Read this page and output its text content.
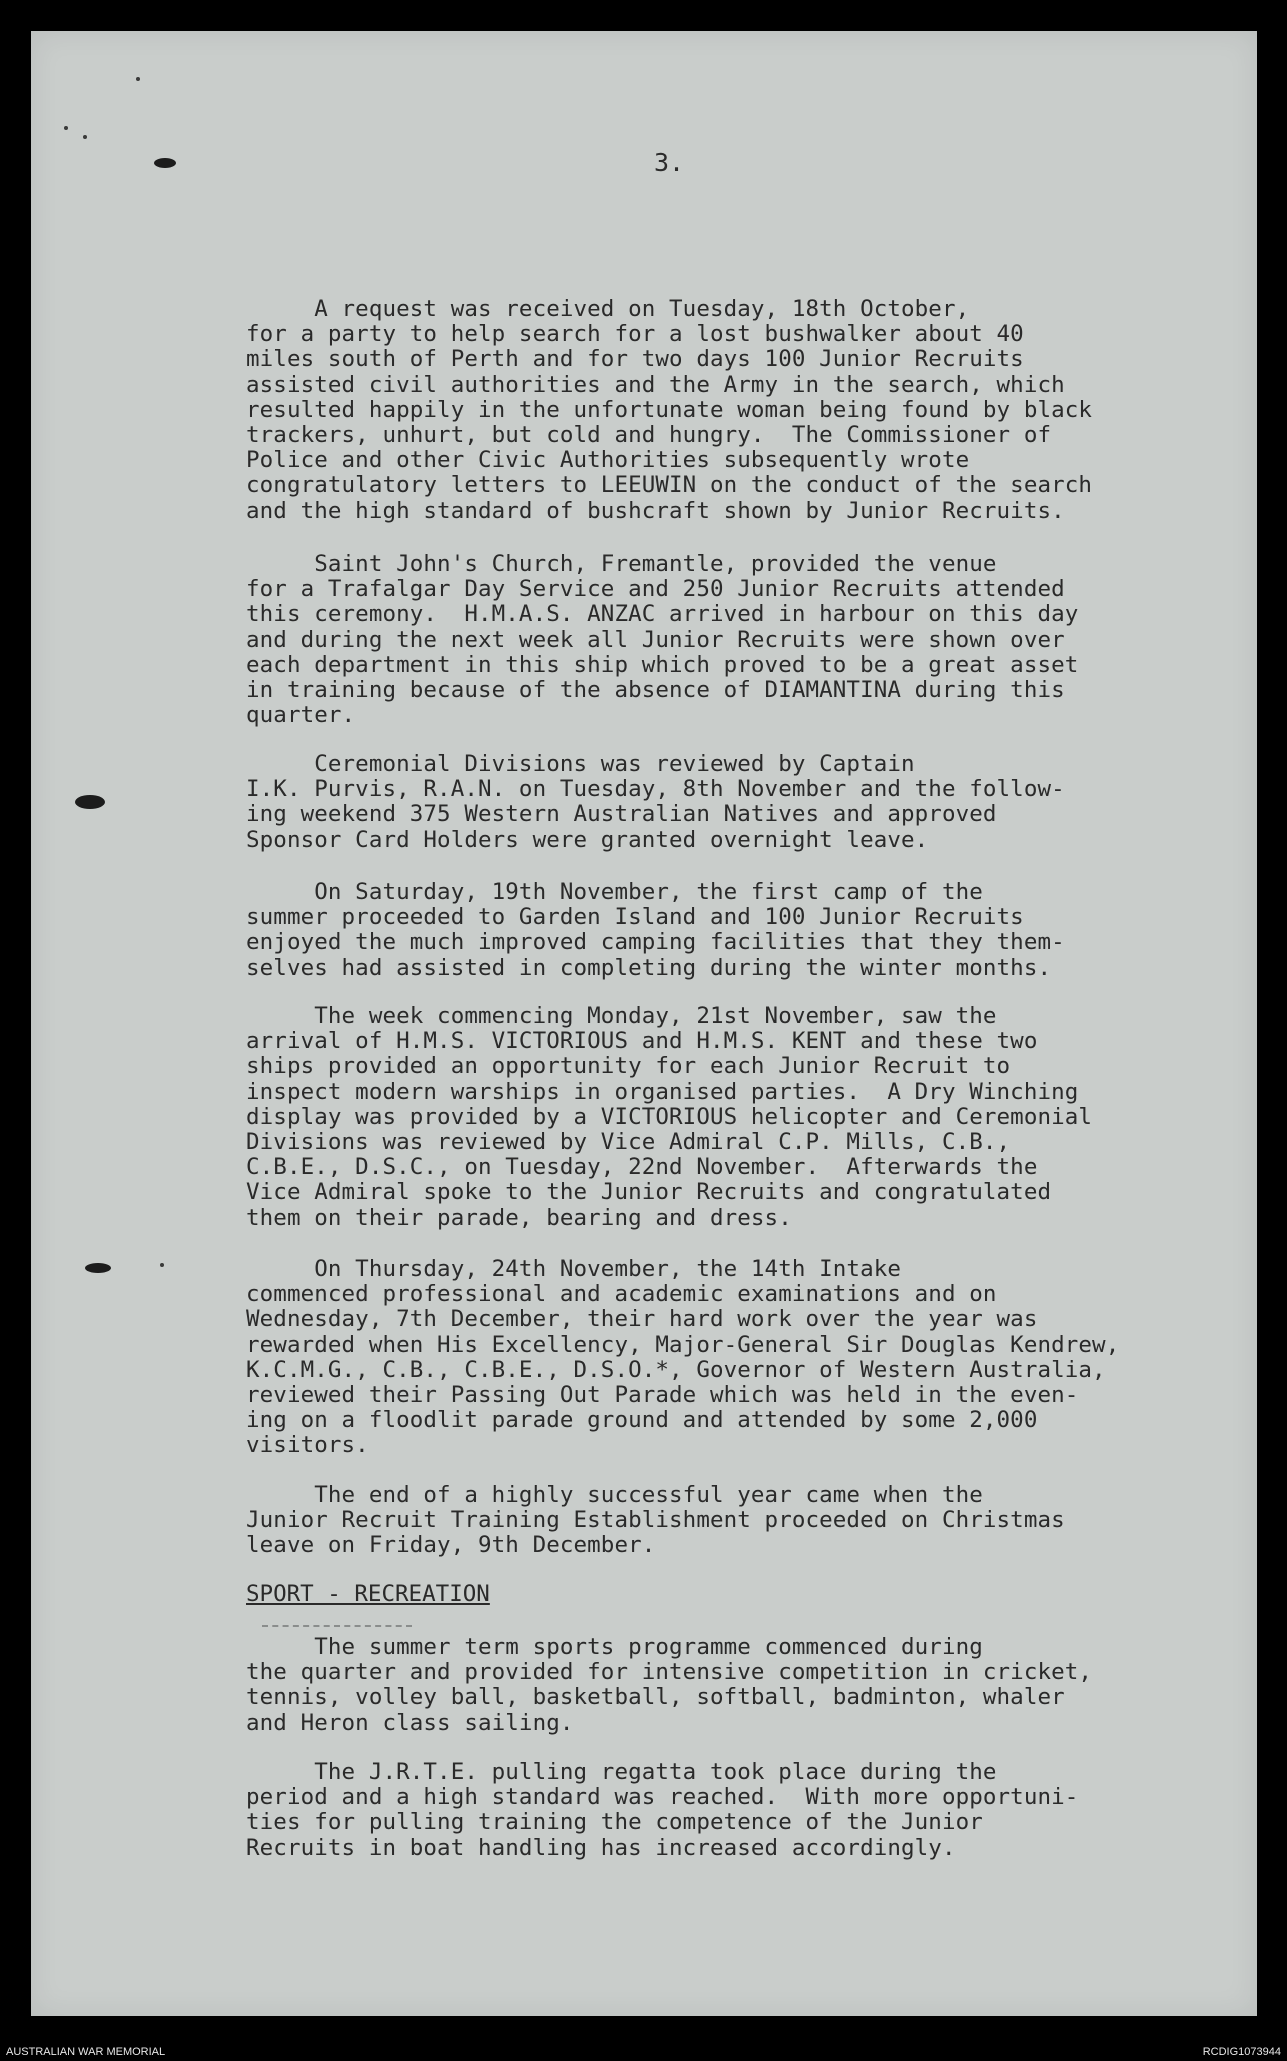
3.

A request was received on Tuesday, 18th October,
for a party to help search for a lost bushwalker about 40
miles south of Perth and for two days 100 Junior Recruits
assisted civil authorities and the Army in the search, which
resulted happily in the unfortunate woman being found by black
trackers, unhurt, but cold and hungry.  The Commissioner of
Police and other Civic Authorities subsequently wrote
congratulatory letters to LEEUWIN on the conduct of the search
and the high standard of bushcraft shown by Junior Recruits.

Saint John's Church, Fremantle, provided the venue
for a Trafalgar Day Service and 250 Junior Recruits attended
this ceremony.  H.M.A.S. ANZAC arrived in harbour on this day
and during the next week all Junior Recruits were shown over
each department in this ship which proved to be a great asset
in training because of the absence of DIAMANTINA during this
quarter.

Ceremonial Divisions was reviewed by Captain
I.K. Purvis, R.A.N. on Tuesday, 8th November and the follow-
ing weekend 375 Western Australian Natives and approved
Sponsor Card Holders were granted overnight leave.

On Saturday, 19th November, the first camp of the
summer proceeded to Garden Island and 100 Junior Recruits
enjoyed the much improved camping facilities that they them-
selves had assisted in completing during the winter months.

The week commencing Monday, 21st November, saw the
arrival of H.M.S. VICTORIOUS and H.M.S. KENT and these two
ships provided an opportunity for each Junior Recruit to
inspect modern warships in organised parties.  A Dry Winching
display was provided by a VICTORIOUS helicopter and Ceremonial
Divisions was reviewed by Vice Admiral C.P. Mills, C.B.,
C.B.E., D.S.C., on Tuesday, 22nd November.  Afterwards the
Vice Admiral spoke to the Junior Recruits and congratulated
them on their parade, bearing and dress.

On Thursday, 24th November, the 14th Intake
commenced professional and academic examinations and on
Wednesday, 7th December, their hard work over the year was
rewarded when His Excellency, Major-General Sir Douglas Kendrew,
K.C.M.G., C.B., C.B.E., D.S.O.*, Governor of Western Australia,
reviewed their Passing Out Parade which was held in the even-
ing on a floodlit parade ground and attended by some 2,000
visitors.

The end of a highly successful year came when the
Junior Recruit Training Establishment proceeded on Christmas
leave on Friday, 9th December.

SPORT - RECREATION

The summer term sports programme commenced during
the quarter and provided for intensive competition in cricket,
tennis, volley ball, basketball, softball, badminton, whaler
and Heron class sailing.

The J.R.T.E. pulling regatta took place during the
period and a high standard was reached.  With more opportuni-
ties for pulling training the competence of the Junior
Recruits in boat handling has increased accordingly.

AUSTRALIAN WAR MEMORIAL	RCDIG1073944
